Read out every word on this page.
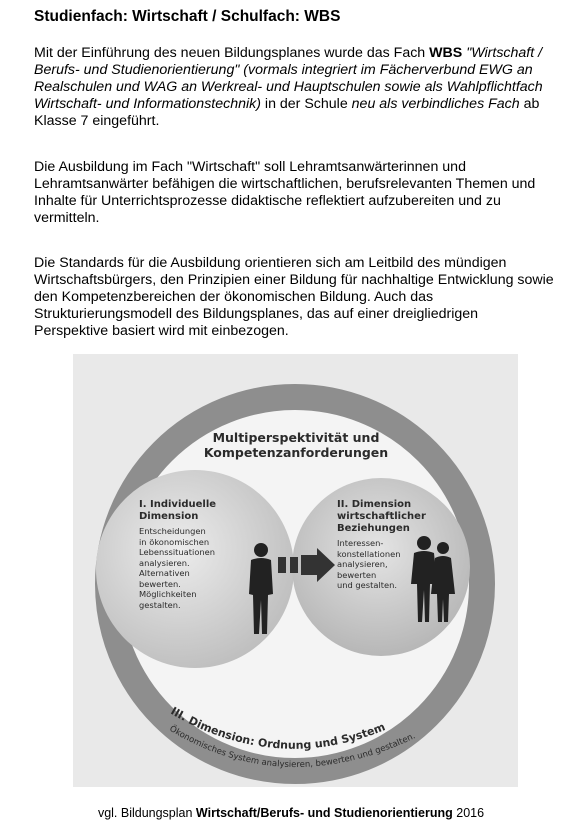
Studienfach: Wirtschaft / Schulfach: WBS
Mit der Einführung des neuen Bildungsplanes wurde das Fach WBS "Wirtschaft / Berufs- und Studienorientierung" (vormals integriert im Fächerverbund EWG an Realschulen und WAG an Werkreal- und Hauptschulen sowie als Wahlpflichtfach Wirtschaft- und Informationstechnik) in der Schule neu als verbindliches Fach ab Klasse 7 eingeführt.
Die Ausbildung im Fach "Wirtschaft" soll Lehramtsanwärterinnen und Lehramtsanwärter befähigen die wirtschaftlichen, berufsrelevanten Themen und Inhalte für Unterrichtsprozesse didaktische reflektiert aufzubereiten und zu vermitteln.
Die Standards für die Ausbildung orientieren sich am Leitbild des mündigen Wirtschaftsbürgers, den Prinzipien einer Bildung für nachhaltige Entwicklung sowie den Kompetenzbereichen der ökonomischen Bildung. Auch das Strukturierungsmodell des Bildungsplanes, das auf einer dreigliedrigen Perspektive basiert wird mit einbezogen.
III. Dimension: Ordnung und System
Ökonomisches System analysieren, bewerten und gestalten.
Multiperspektivität und
Kompetenzanforderungen
I. Individuelle
Dimension
Entscheidungen
in ökonomischen
Lebenssituationen
analysieren.
Alternativen
bewerten.
Möglichkeiten
gestalten.
II. Dimension
wirtschaftlicher
Beziehungen
Interessen-
konstellationen
analysieren,
bewerten
und gestalten.
vgl. Bildungsplan Wirtschaft/Berufs- und Studienorientierung 2016
